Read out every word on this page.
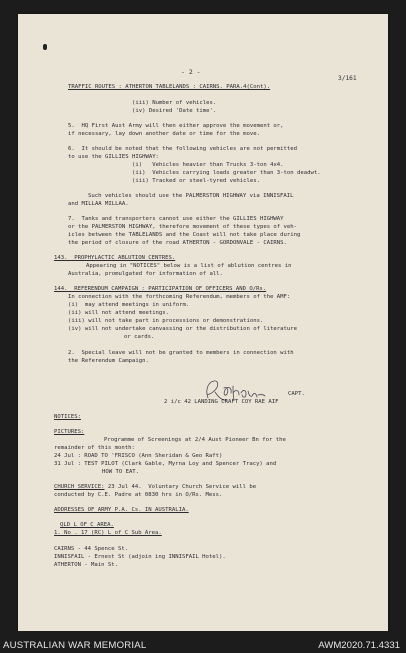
- 2 -
3/161
TRAFFIC ROUTES : ATHERTON TABLELANDS : CAIRNS. PARA.4(Cont).
(iii) Number of vehicles.
(iv) Desired 'Date time'.
5.  HQ First Aust Army will then either approve the movement or,
if necessary, lay down another date or time for the move.
6.  It should be noted that the following vehicles are not permitted
to use the GILLIES HIGHWAY:
(i)   Vehicles heavier than Trucks 3-ton 4x4.
(ii)  Vehicles carrying loads greater than 3-ton deadwt.
(iii) Tracked or steel-tyred vehicles.
Such vehicles should use the PALMERSTON HIGHWAY via INNISFAIL
and MILLAA MILLAA.
7.  Tanks and transporters cannot use either the GILLIES HIGHWAY
or the PALMERSTON HIGHWAY, therefore movement of these types of veh-
icles between the TABLELANDS and the Coast will not take place during
the period of closure of the road ATHERTON - GORDONVALE - CAIRNS.
143.  PROPHYLACTIC ABLUTION CENTRES.
Appearing in "NOTICES" below is a list of ablution centres in
Australia, promulgated for information of all.
144.  REFERENDUM CAMPAIGN : PARTICIPATION OF OFFICERS AND O/Rs.
In connection with the forthcoming Referendum, members of the AMF:
(i)  may attend meetings in uniform.
(ii) will not attend meetings.
(iii) will not take part in processions or demonstrations.
(iv) will not undertake canvassing or the distribution of literature
or cards.
2.  Special leave will not be granted to members in connection with
the Referendum Campaign.
CAPT.
2 i/c 42 LANDING CRAFT COY RAE AIF
NOTICES:
PICTURES:
Programme of Screenings at 2/4 Aust Pioneer Bn for the
remainder of this month:
24 Jul : ROAD TO 'FRISCO (Ann Sheridan & Geo Raft)
31 Jul : TEST PILOT (Clark Gable, Myrna Loy and Spencer Tracy) and
HOW TO EAT.
CHURCH SERVICE: 23 Jul 44.  Voluntary Church Service will be
conducted by C.E. Padre at 0830 hrs in O/Rs. Mess.
ADDRESSES OF ARMY P.A. Cs. IN AUSTRALIA.
QLD L OF C AREA.
1. No . 17 (RC) L of C Sub Area.
CAIRNS - 44 Spence St.
INNISFAIL - Ernest St (adjoin ing INNISFAIL Hotel).
ATHERTON - Main St.
AUSTRALIAN WAR MEMORIAL	AWM2020.71.4331
